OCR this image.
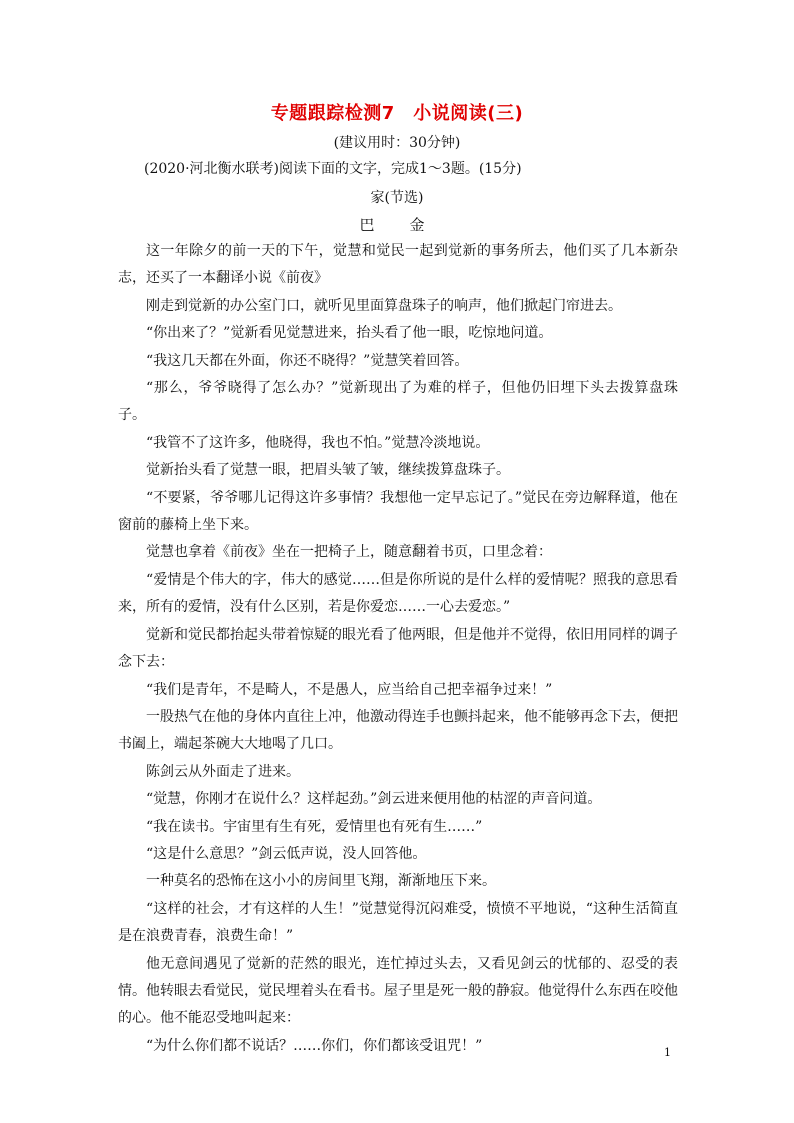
专题跟踪检测7　小说阅读(三)
(建议用时：30分钟)
(2020·河北衡水联考)阅读下面的文字，完成1～3题。(15分)
家(节选)
巴　金

这一年除夕的前一天的下午，觉慧和觉民一起到觉新的事务所去，他们买了几本新杂志，还买了一本翻译小说《前夜》

刚走到觉新的办公室门口，就听见里面算盘珠子的响声，他们掀起门帘进去。

“你出来了？”觉新看见觉慧进来，抬头看了他一眼，吃惊地问道。

“我这几天都在外面，你还不晓得？”觉慧笑着回答。

“那么，爷爷晓得了怎么办？”觉新现出了为难的样子，但他仍旧埋下头去拨算盘珠子。

“我管不了这许多，他晓得，我也不怕。”觉慧冷淡地说。

觉新抬头看了觉慧一眼，把眉头皱了皱，继续拨算盘珠子。

“不要紧，爷爷哪儿记得这许多事情？我想他一定早忘记了。”觉民在旁边解释道，他在窗前的藤椅上坐下来。

觉慧也拿着《前夜》坐在一把椅子上，随意翻着书页，口里念着：

“爱情是个伟大的字，伟大的感觉……但是你所说的是什么样的爱情呢？照我的意思看来，所有的爱情，没有什么区别，若是你爱恋……一心去爱恋。”

觉新和觉民都抬起头带着惊疑的眼光看了他两眼，但是他并不觉得，依旧用同样的调子念下去：

“我们是青年，不是畸人，不是愚人，应当给自己把幸福争过来！”

一股热气在他的身体内直往上冲，他激动得连手也颤抖起来，他不能够再念下去，便把书阖上，端起茶碗大大地喝了几口。

陈剑云从外面走了进来。

“觉慧，你刚才在说什么？这样起劲。”剑云进来便用他的枯涩的声音问道。

“我在读书。宇宙里有生有死，爱情里也有死有生……”

“这是什么意思？”剑云低声说，没人回答他。

一种莫名的恐怖在这小小的房间里飞翔，渐渐地压下来。

“这样的社会，才有这样的人生！”觉慧觉得沉闷难受，愤愤不平地说，“这种生活简直是在浪费青春，浪费生命！”

他无意间遇见了觉新的茫然的眼光，连忙掉过头去，又看见剑云的忧郁的、忍受的表情。他转眼去看觉民，觉民埋着头在看书。屋子里是死一般的静寂。他觉得什么东西在咬他的心。他不能忍受地叫起来：

“为什么你们都不说话？……你们，你们都该受诅咒！”	1
